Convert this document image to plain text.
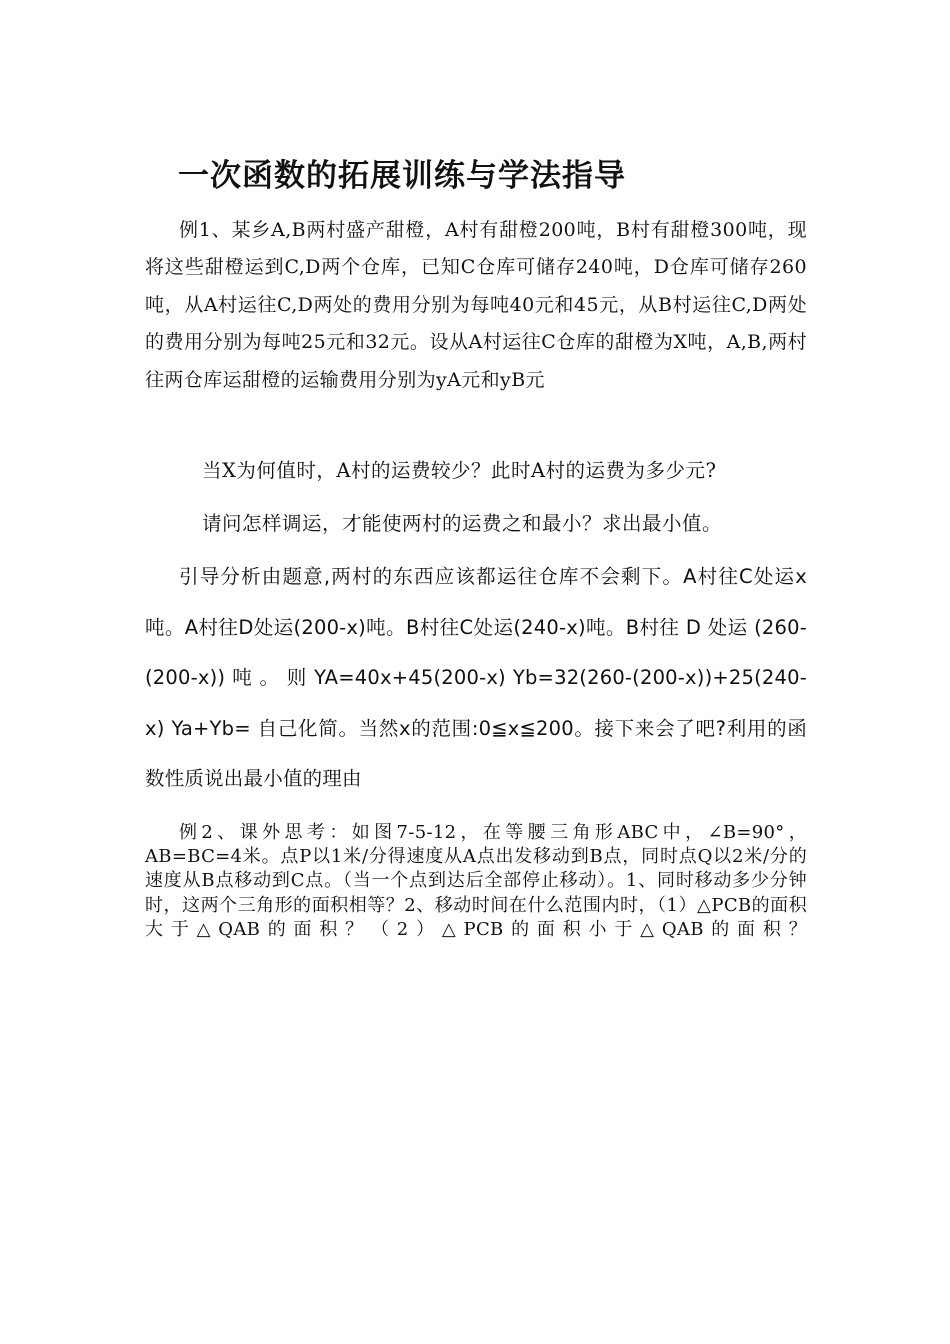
一次函数的拓展训练与学法指导
例1、某乡A,B两村盛产甜橙，A村有甜橙200吨，B村有甜橙300吨，现将这些甜橙运到C,D两个仓库，已知C仓库可储存240吨，D仓库可储存260吨，从A村运往C,D两处的费用分别为每吨40元和45元，从B村运往C,D两处的费用分别为每吨25元和32元。设从A村运往C仓库的甜橙为X吨，A,B,两村往两仓库运甜橙的运输费用分别为yA元和yB元
当X为何值时，A村的运费较少？此时A村的运费为多少元?
请问怎样调运，才能使两村的运费之和最小？求出最小值。
引导分析由题意,两村的东西应该都运往仓库不会剩下。A村往C处运x吨。A村往D处运(200-x)吨。B村往C处运(240-x)吨。B村往 D 处运 (260-(200-x)) 吨 。 则 YA=40x+45(200-x) Yb=32(260-(200-x))+25(240-x) Ya+Yb= 自己化简。当然x的范围:0≦x≦200。接下来会了吧?利用的函数性质说出最小值的理由
例2、课外思考：如图7-5-12，在等腰三角形ABC中，∠B=90°，AB=BC=4米。点P以1米/分得速度从A点出发移动到B点，同时点Q以2米/分的速度从B点移动到C点。（当一个点到达后全部停止移动）。1、同时移动多少分钟时，这两个三角形的面积相等？2、移动时间在什么范围内时，（1）△PCB的面积大于△QAB的面积？（2）△PCB的面积小于△QAB的面积？
